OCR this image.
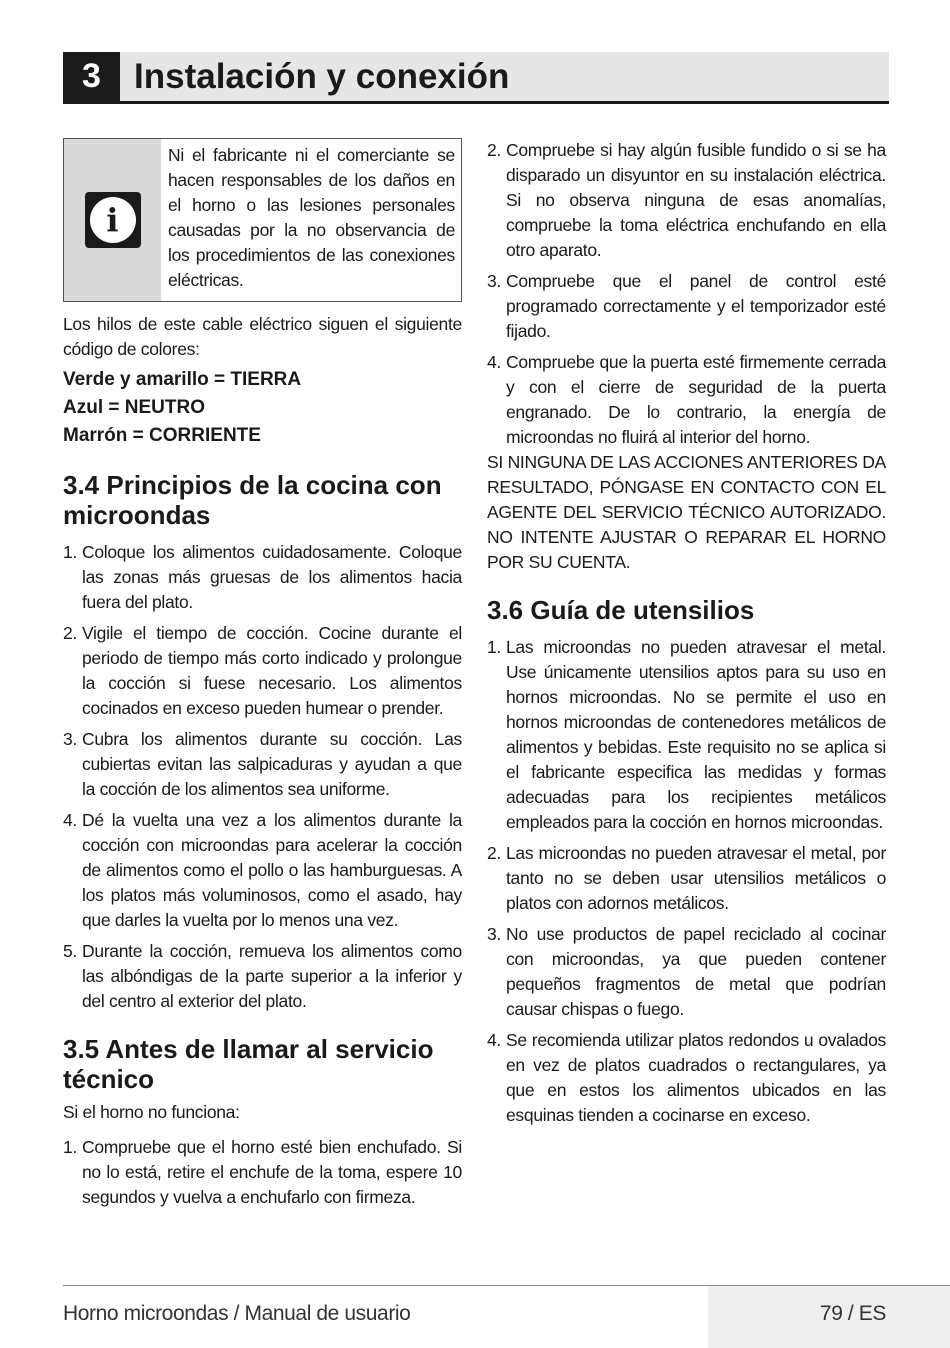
3 Instalación y conexión
i
Ni el fabricante ni el comerciante se hacen responsables de los daños en el horno o las lesiones personales causadas por la no observancia de los procedimientos de las conexiones eléctricas.

Los hilos de este cable eléctrico siguen el siguiente código de colores:

Verde y amarillo = TIERRA
Azul = NEUTRO
Marrón = CORRIENTE
3.4 Principios de la cocina con microondas
1. Coloque los alimentos cuidadosamente. Coloque las zonas más gruesas de los alimentos hacia fuera del plato.
2. Vigile el tiempo de cocción. Cocine durante el periodo de tiempo más corto indicado y prolongue la cocción si fuese necesario. Los alimentos cocinados en exceso pueden humear o prender.
3. Cubra los alimentos durante su cocción. Las cubiertas evitan las salpicaduras y ayudan a que la cocción de los alimentos sea uniforme.
4. Dé la vuelta una vez a los alimentos durante la cocción con microondas para acelerar la cocción de alimentos como el pollo o las hamburguesas. A los platos más voluminosos, como el asado, hay que darles la vuelta por lo menos una vez.
5. Durante la cocción, remueva los alimentos como las albóndigas de la parte superior a la inferior y del centro al exterior del plato.
3.5 Antes de llamar al servicio técnico

Si el horno no funciona:

1. Compruebe que el horno esté bien enchufado. Si no lo está, retire el enchufe de la toma, espere 10 segundos y vuelva a enchufarlo con firmeza.
2. Compruebe si hay algún fusible fundido o si se ha disparado un disyuntor en su instalación eléctrica. Si no observa ninguna de esas anomalías, compruebe la toma eléctrica enchufando en ella otro aparato.
3. Compruebe que el panel de control esté programado correctamente y el temporizador esté fijado.
4. Compruebe que la puerta esté firmemente cerrada y con el cierre de seguridad de la puerta engranado. De lo contrario, la energía de microondas no fluirá al interior del horno.

SI NINGUNA DE LAS ACCIONES ANTERIORES DA RESULTADO, PÓNGASE EN CONTACTO CON EL AGENTE DEL SERVICIO TÉCNICO AUTORIZADO. NO INTENTE AJUSTAR O REPARAR EL HORNO POR SU CUENTA.

3.6 Guía de utensilios
1. Las microondas no pueden atravesar el metal. Use únicamente utensilios aptos para su uso en hornos microondas. No se permite el uso en hornos microondas de contenedores metálicos de alimentos y bebidas. Este requisito no se aplica si el fabricante especifica las medidas y formas adecuadas para los recipientes metálicos empleados para la cocción en hornos microondas.
2. Las microondas no pueden atravesar el metal, por tanto no se deben usar utensilios metálicos o platos con adornos metálicos.
3. No use productos de papel reciclado al cocinar con microondas, ya que pueden contener pequeños fragmentos de metal que podrían causar chispas o fuego.
4. Se recomienda utilizar platos redondos u ovalados en vez de platos cuadrados o rectangulares, ya que en estos los alimentos ubicados en las esquinas tienden a cocinarse en exceso.
Horno microondas / Manual de usuario	79 / ES
